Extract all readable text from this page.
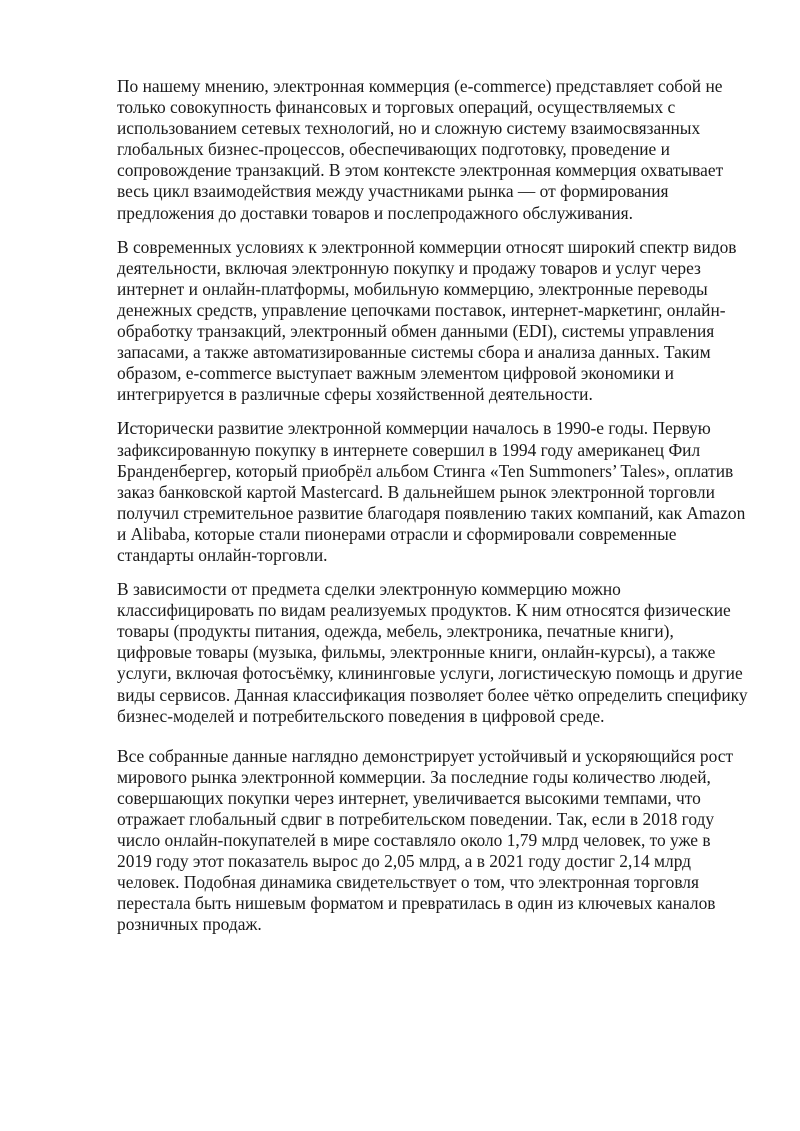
По нашему мнению, электронная коммерция (e-commerce) представляет собой не только совокупность финансовых и торговых операций, осуществляемых с использованием сетевых технологий, но и сложную систему взаимосвязанных глобальных бизнес-процессов, обеспечивающих подготовку, проведение и сопровождение транзакций. В этом контексте электронная коммерция охватывает весь цикл взаимодействия между участниками рынка — от формирования предложения до доставки товаров и послепродажного обслуживания.

В современных условиях к электронной коммерции относят широкий спектр видов деятельности, включая электронную покупку и продажу товаров и услуг через интернет и онлайн-платформы, мобильную коммерцию, электронные переводы денежных средств, управление цепочками поставок, интернет-маркетинг, онлайн-обработку транзакций, электронный обмен данными (EDI), системы управления запасами, а также автоматизированные системы сбора и анализа данных. Таким образом, e-commerce выступает важным элементом цифровой экономики и интегрируется в различные сферы хозяйственной деятельности.

Исторически развитие электронной коммерции началось в 1990-е годы. Первую зафиксированную покупку в интернете совершил в 1994 году американец Фил Бранденбергер, который приобрёл альбом Стинга «Ten Summoners’ Tales», оплатив заказ банковской картой Mastercard. В дальнейшем рынок электронной торговли получил стремительное развитие благодаря появлению таких компаний, как Amazon и Alibaba, которые стали пионерами отрасли и сформировали современные стандарты онлайн-торговли.

В зависимости от предмета сделки электронную коммерцию можно классифицировать по видам реализуемых продуктов. К ним относятся физические товары (продукты питания, одежда, мебель, электроника, печатные книги), цифровые товары (музыка, фильмы, электронные книги, онлайн-курсы), а также услуги, включая фотосъёмку, клининговые услуги, логистическую помощь и другие виды сервисов. Данная классификация позволяет более чётко определить специфику бизнес-моделей и потребительского поведения в цифровой среде.

Все собранные данные наглядно демонстрирует устойчивый и ускоряющийся рост мирового рынка электронной коммерции. За последние годы количество людей, совершающих покупки через интернет, увеличивается высокими темпами, что отражает глобальный сдвиг в потребительском поведении. Так, если в 2018 году число онлайн-покупателей в мире составляло около 1,79 млрд человек, то уже в 2019 году этот показатель вырос до 2,05 млрд, а в 2021 году достиг 2,14 млрд человек. Подобная динамика свидетельствует о том, что электронная торговля перестала быть нишевым форматом и превратилась в один из ключевых каналов розничных продаж.
